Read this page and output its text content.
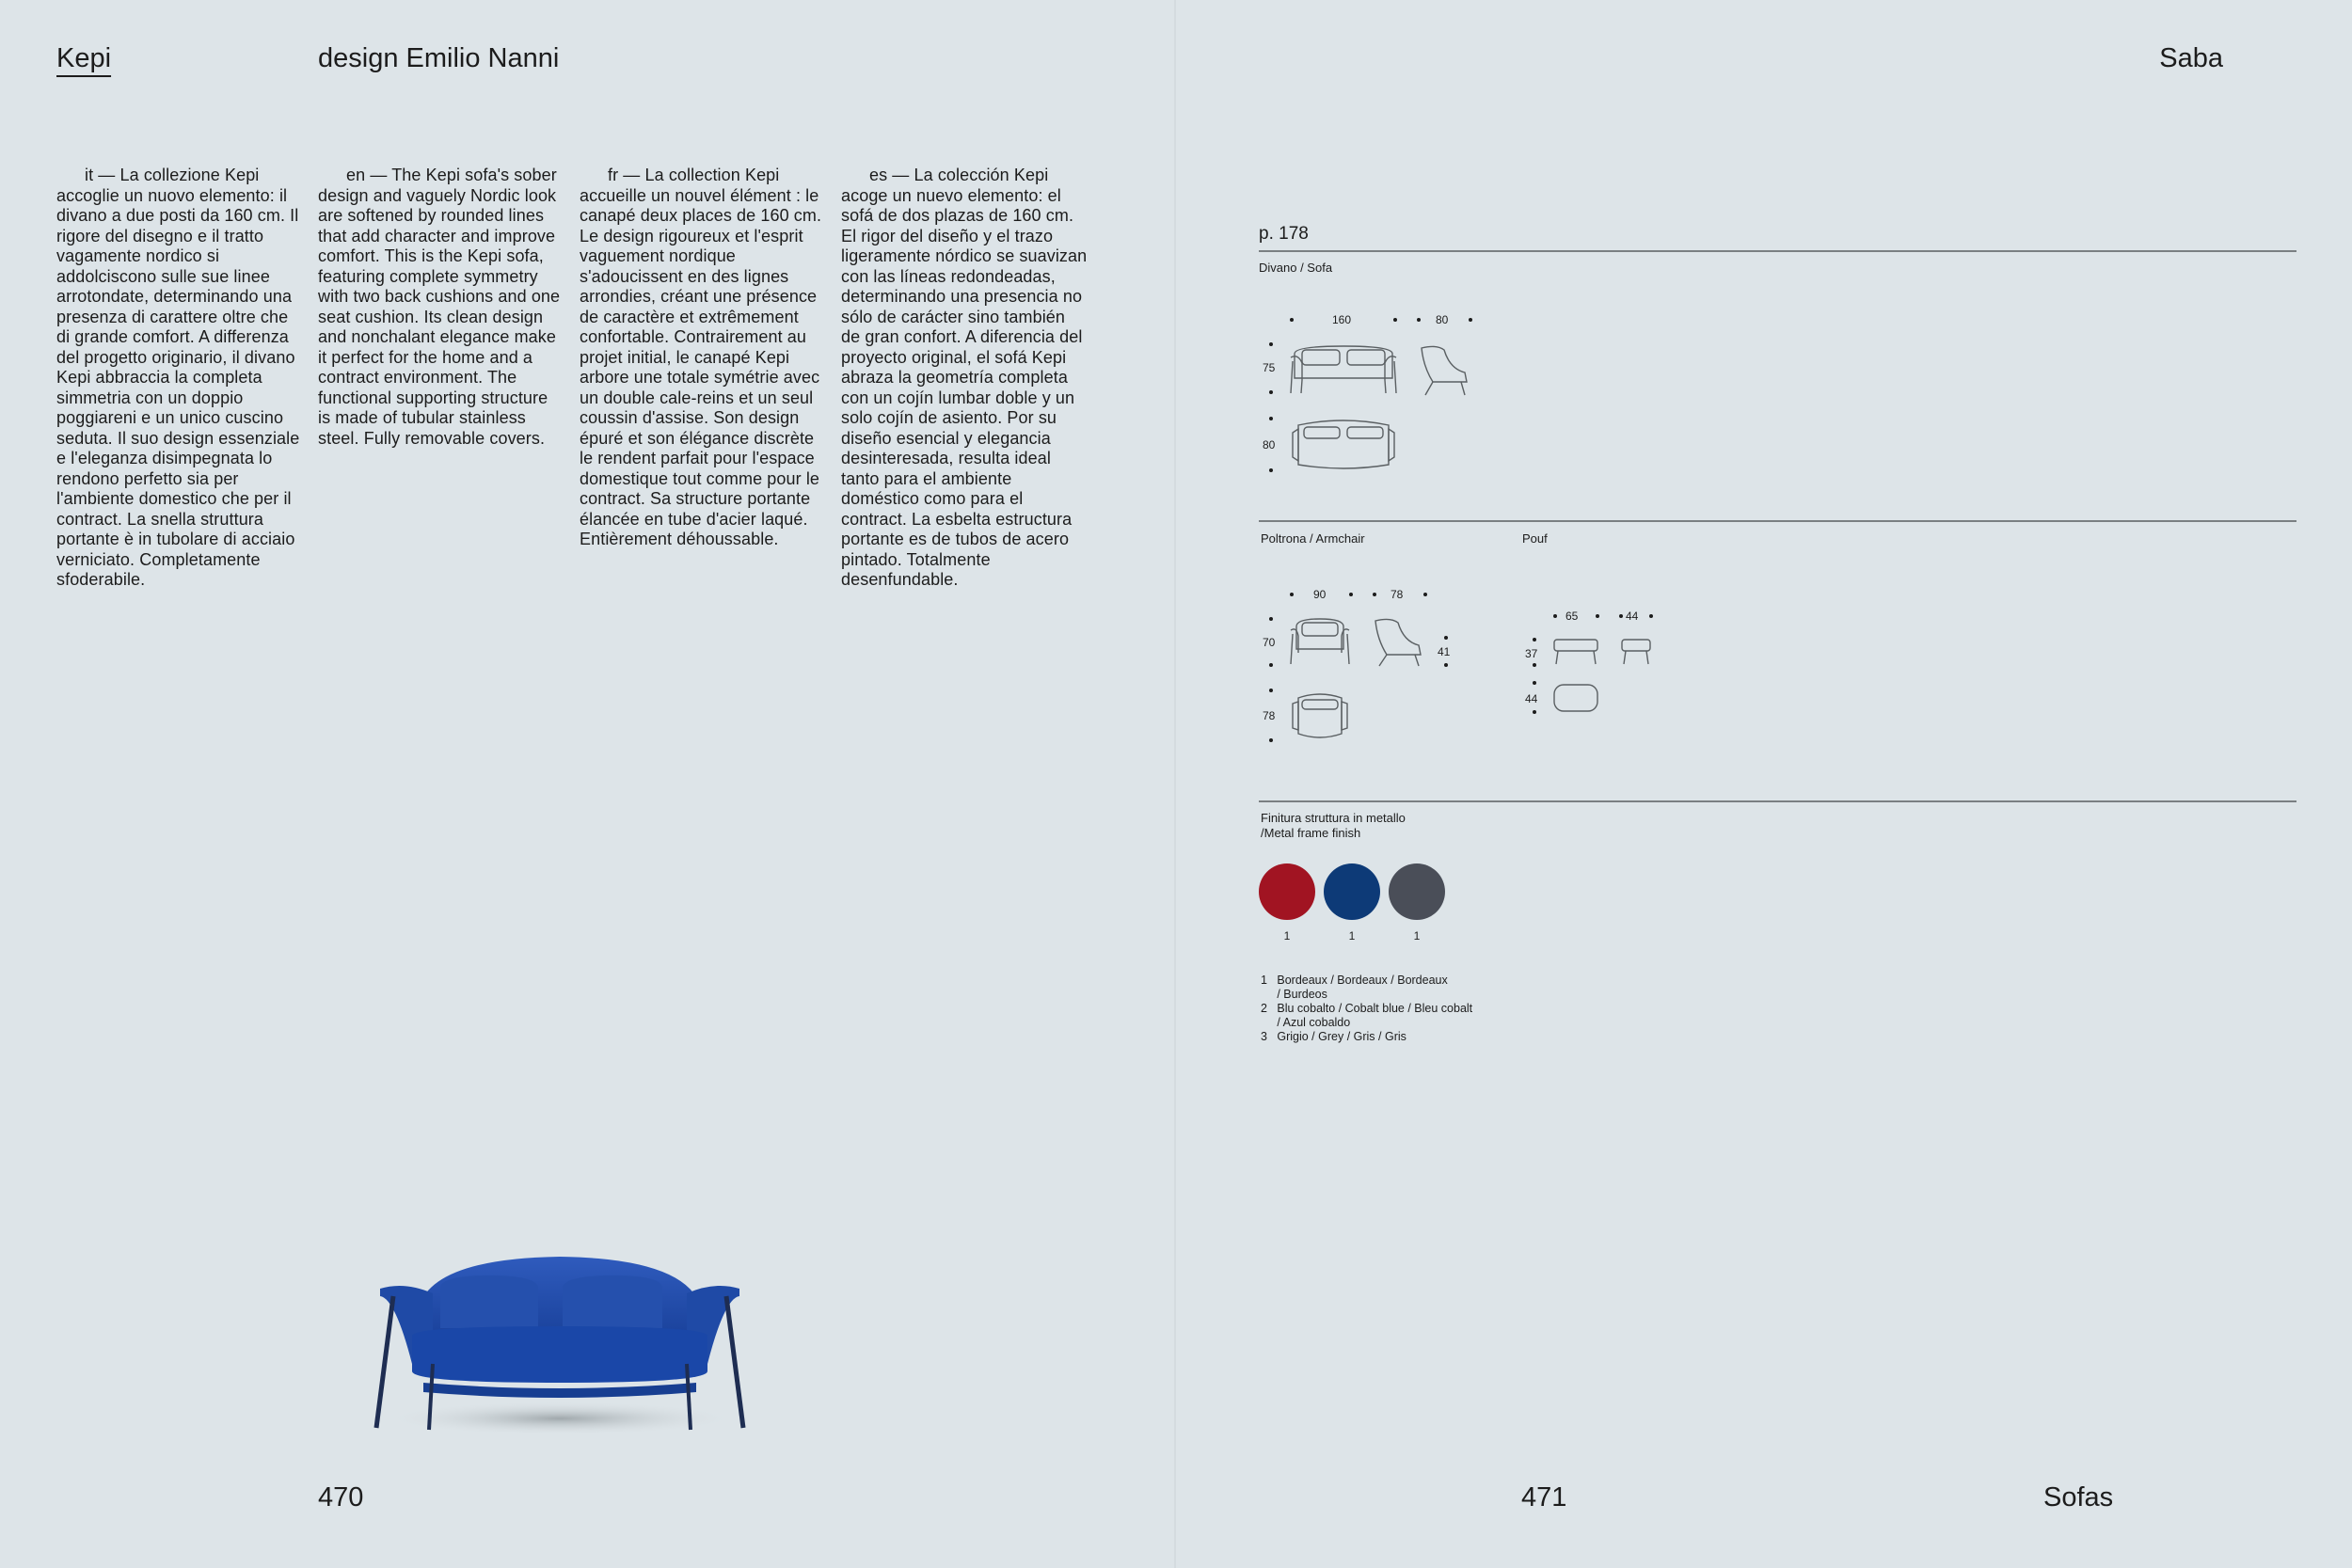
Kepi	design Emilio Nanni	Saba
it — La collezione Kepi accoglie un nuovo elemento: il divano a due posti da 160 cm. Il rigore del disegno e il tratto vagamente nordico si addolciscono sulle sue linee arrotondate, determinando una presenza di carattere oltre che di grande comfort. A differenza del progetto originario, il divano Kepi abbraccia la completa simmetria con un doppio poggiareni e un unico cuscino seduta. Il suo design essenziale e l'eleganza disimpegnata lo rendono perfetto sia per l'ambiente domestico che per il contract. La snella struttura portante è in tubolare di acciaio verniciato. Completamente sfoderabile.
en — The Kepi sofa's sober design and vaguely Nordic look are softened by rounded lines that add character and improve comfort. This is the Kepi sofa, featuring complete symmetry with two back cushions and one seat cushion. Its clean design and nonchalant elegance make it perfect for the home and a contract environment. The functional supporting structure is made of tubular stainless steel. Fully removable covers.
fr — La collection Kepi accueille un nouvel élément : le canapé deux places de 160 cm. Le design rigoureux et l'esprit vaguement nordique s'adoucissent en des lignes arrondies, créant une présence de caractère et extrêmement confortable. Contrairement au projet initial, le canapé Kepi arbore une totale symétrie avec un double cale-reins et un seul coussin d'assise. Son design épuré et son élégance discrète le rendent parfait pour l'espace domestique tout comme pour le contract. Sa structure portante élancée en tube d'acier laqué. Entièrement déhoussable.
es — La colección Kepi acoge un nuevo elemento: el sofá de dos plazas de 160 cm. El rigor del diseño y el trazo ligeramente nórdico se suavizan con las líneas redondeadas, determinando una presencia no sólo de carácter sino también de gran confort. A diferencia del proyecto original, el sofá Kepi abraza la geometría completa con un cojín lumbar doble y un solo cojín de asiento. Por su diseño esencial y elegancia desinteresada, resulta ideal tanto para el ambiente doméstico como para el contract. La esbelta estructura portante es de tubos de acero pintado. Totalmente desenfundable.
470	471	Sofas
p. 178
Divano / Sofa
160	80
75
80
Poltrona / Armchair	Pouf
90	78
70
41
78
65	44
37
44
Finitura struttura in metallo
/Metal frame finish
1	1	1
1   Bordeaux / Bordeaux / Bordeaux
/ Burdeos
2   Blu cobalto / Cobalt blue / Bleu cobalt
/ Azul cobaldo
3   Grigio / Grey / Gris / Gris
